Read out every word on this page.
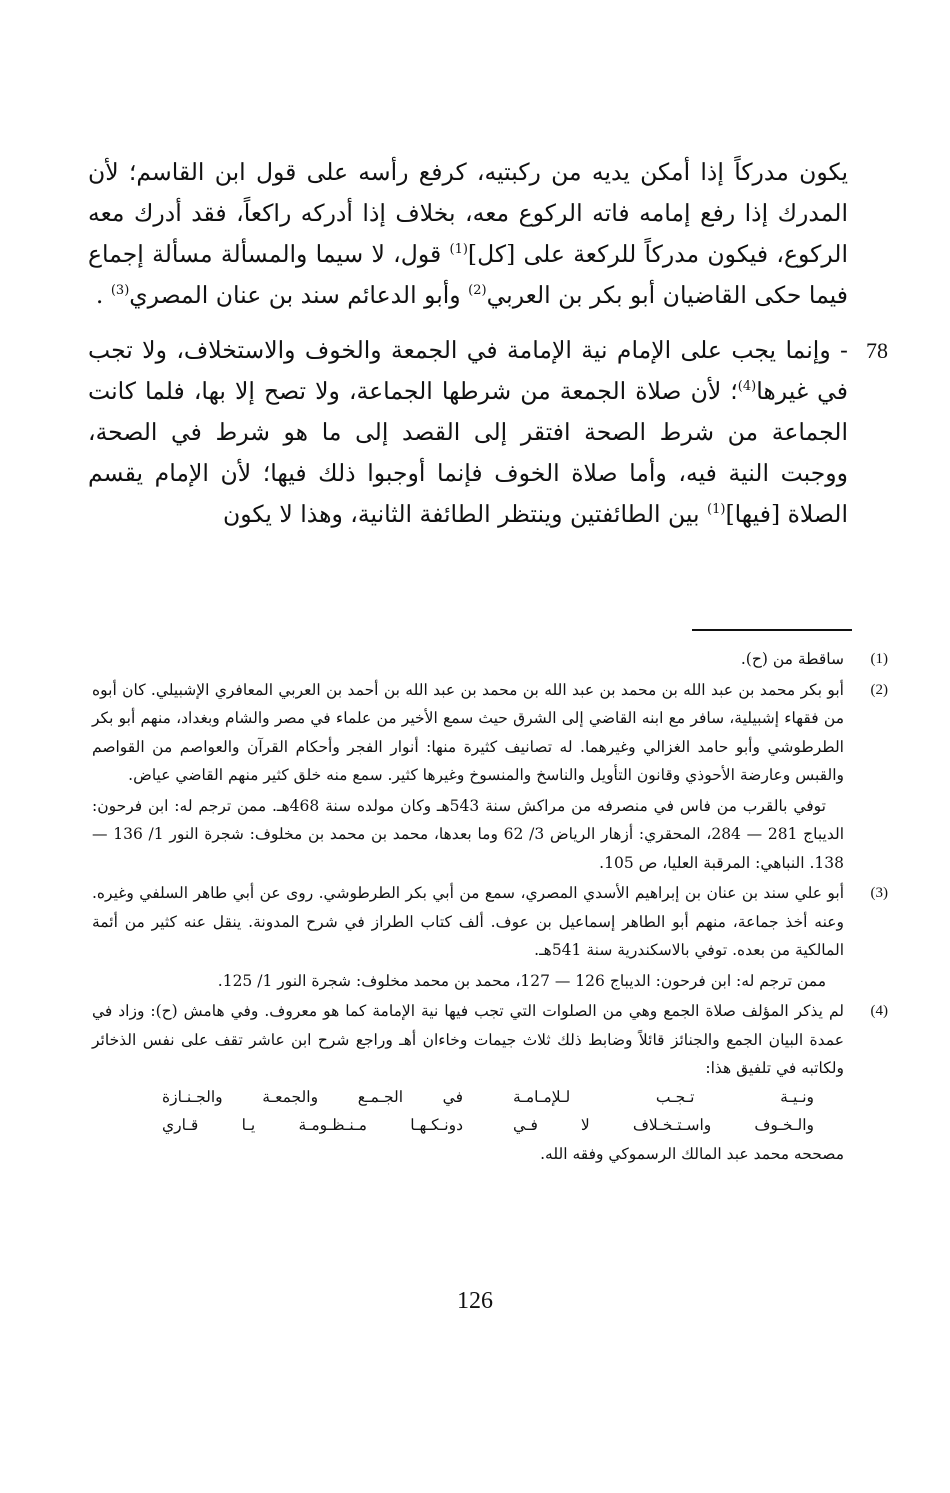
يكون مدركاً إذا أمكن يديه من ركبتيه، كرفع رأسه على قول ابن القاسم؛ لأن المدرك إذا رفع إمامه فاته الركوع معه، بخلاف إذا أدركه راكعاً، فقد أدرك معه الركوع، فيكون مدركاً للركعة على [كل]$^{(1)}$ قول، لا سيما والمسألة مسألة إجماع فيما حكى القاضيان أبو بكر بن العربي$^{(2)}$ وأبو الدعائم سند بن عنان المصري$^{(3)}$ .

78
- وإنما يجب على الإمام نية الإمامة في الجمعة والخوف والاستخلاف، ولا تجب في غيرها$^{(4)}$؛ لأن صلاة الجمعة من شرطها الجماعة، ولا تصح إلا بها، فلما كانت الجماعة من شرط الصحة افتقر إلى القصد إلى ما هو شرط في الصحة، ووجبت النية فيه، وأما صلاة الخوف فإنما أوجبوا ذلك فيها؛ لأن الإمام يقسم الصلاة [فيها]$^{(1)}$ بين الطائفتين وينتظر الطائفة الثانية، وهذا لا يكون

(1)

ساقطة من (ح).

(2)

أبو بكر محمد بن عبد الله بن محمد بن عبد الله بن محمد بن عبد الله بن أحمد بن العربي المعافري الإشبيلي. كان أبوه من فقهاء إشبيلية، سافر مع ابنه القاضي إلى الشرق حيث سمع الأخير من علماء في مصر والشام وبغداد، منهم أبو بكر الطرطوشي وأبو حامد الغزالي وغيرهما. له تصانيف كثيرة منها: أنوار الفجر وأحكام القرآن والعواصم من القواصم والقبس وعارضة الأحوذي وقانون التأويل والناسخ والمنسوخ وغيرها كثير. سمع منه خلق كثير منهم القاضي عياض.

توفي بالقرب من فاس في منصرفه من مراكش سنة 543هـ وكان مولده سنة 468هـ. ممن ترجم له: ابن فرحون: الديباج 281 — 284، المحقري: أزهار الرياض 3/ 62 وما بعدها، محمد بن محمد بن مخلوف: شجرة النور 1/ 136 — 138. النباهي: المرقبة العليا، ص 105.

(3)

أبو علي سند بن عنان بن إبراهيم الأسدي المصري، سمع من أبي بكر الطرطوشي. روى عن أبي طاهر السلفي وغيره. وعنه أخذ جماعة، منهم أبو الطاهر إسماعيل بن عوف. ألف كتاب الطراز في شرح المدونة. ينقل عنه كثير من أئمة المالكية من بعده. توفي بالاسكندرية سنة 541هـ.

ممن ترجم له: ابن فرحون: الديباج 126 — 127، محمد بن محمد مخلوف: شجرة النور 1/ 125.

(4)

لم يذكر المؤلف صلاة الجمع وهي من الصلوات التي تجب فيها نية الإمامة كما هو معروف. وفي هامش (ح): وزاد في عمدة البيان الجمع والجنائز قائلاً وضابط ذلك ثلاث جيمات وخاءان أهـ وراجع شرح ابن عاشر تقف على نفس الذخائر ولكاتبه في تلفيق هذا:

ونـيـة تـجـب لـلإمـامـة
في الجـمـع والجمعـة والجـنـازة
والـخـوف واسـتـخـلاف لا فـي
دونـكـهـا مـنـظـومـة يـا قـاري

مصححه محمد عبد المالك الرسموكي وفقه الله.

126
